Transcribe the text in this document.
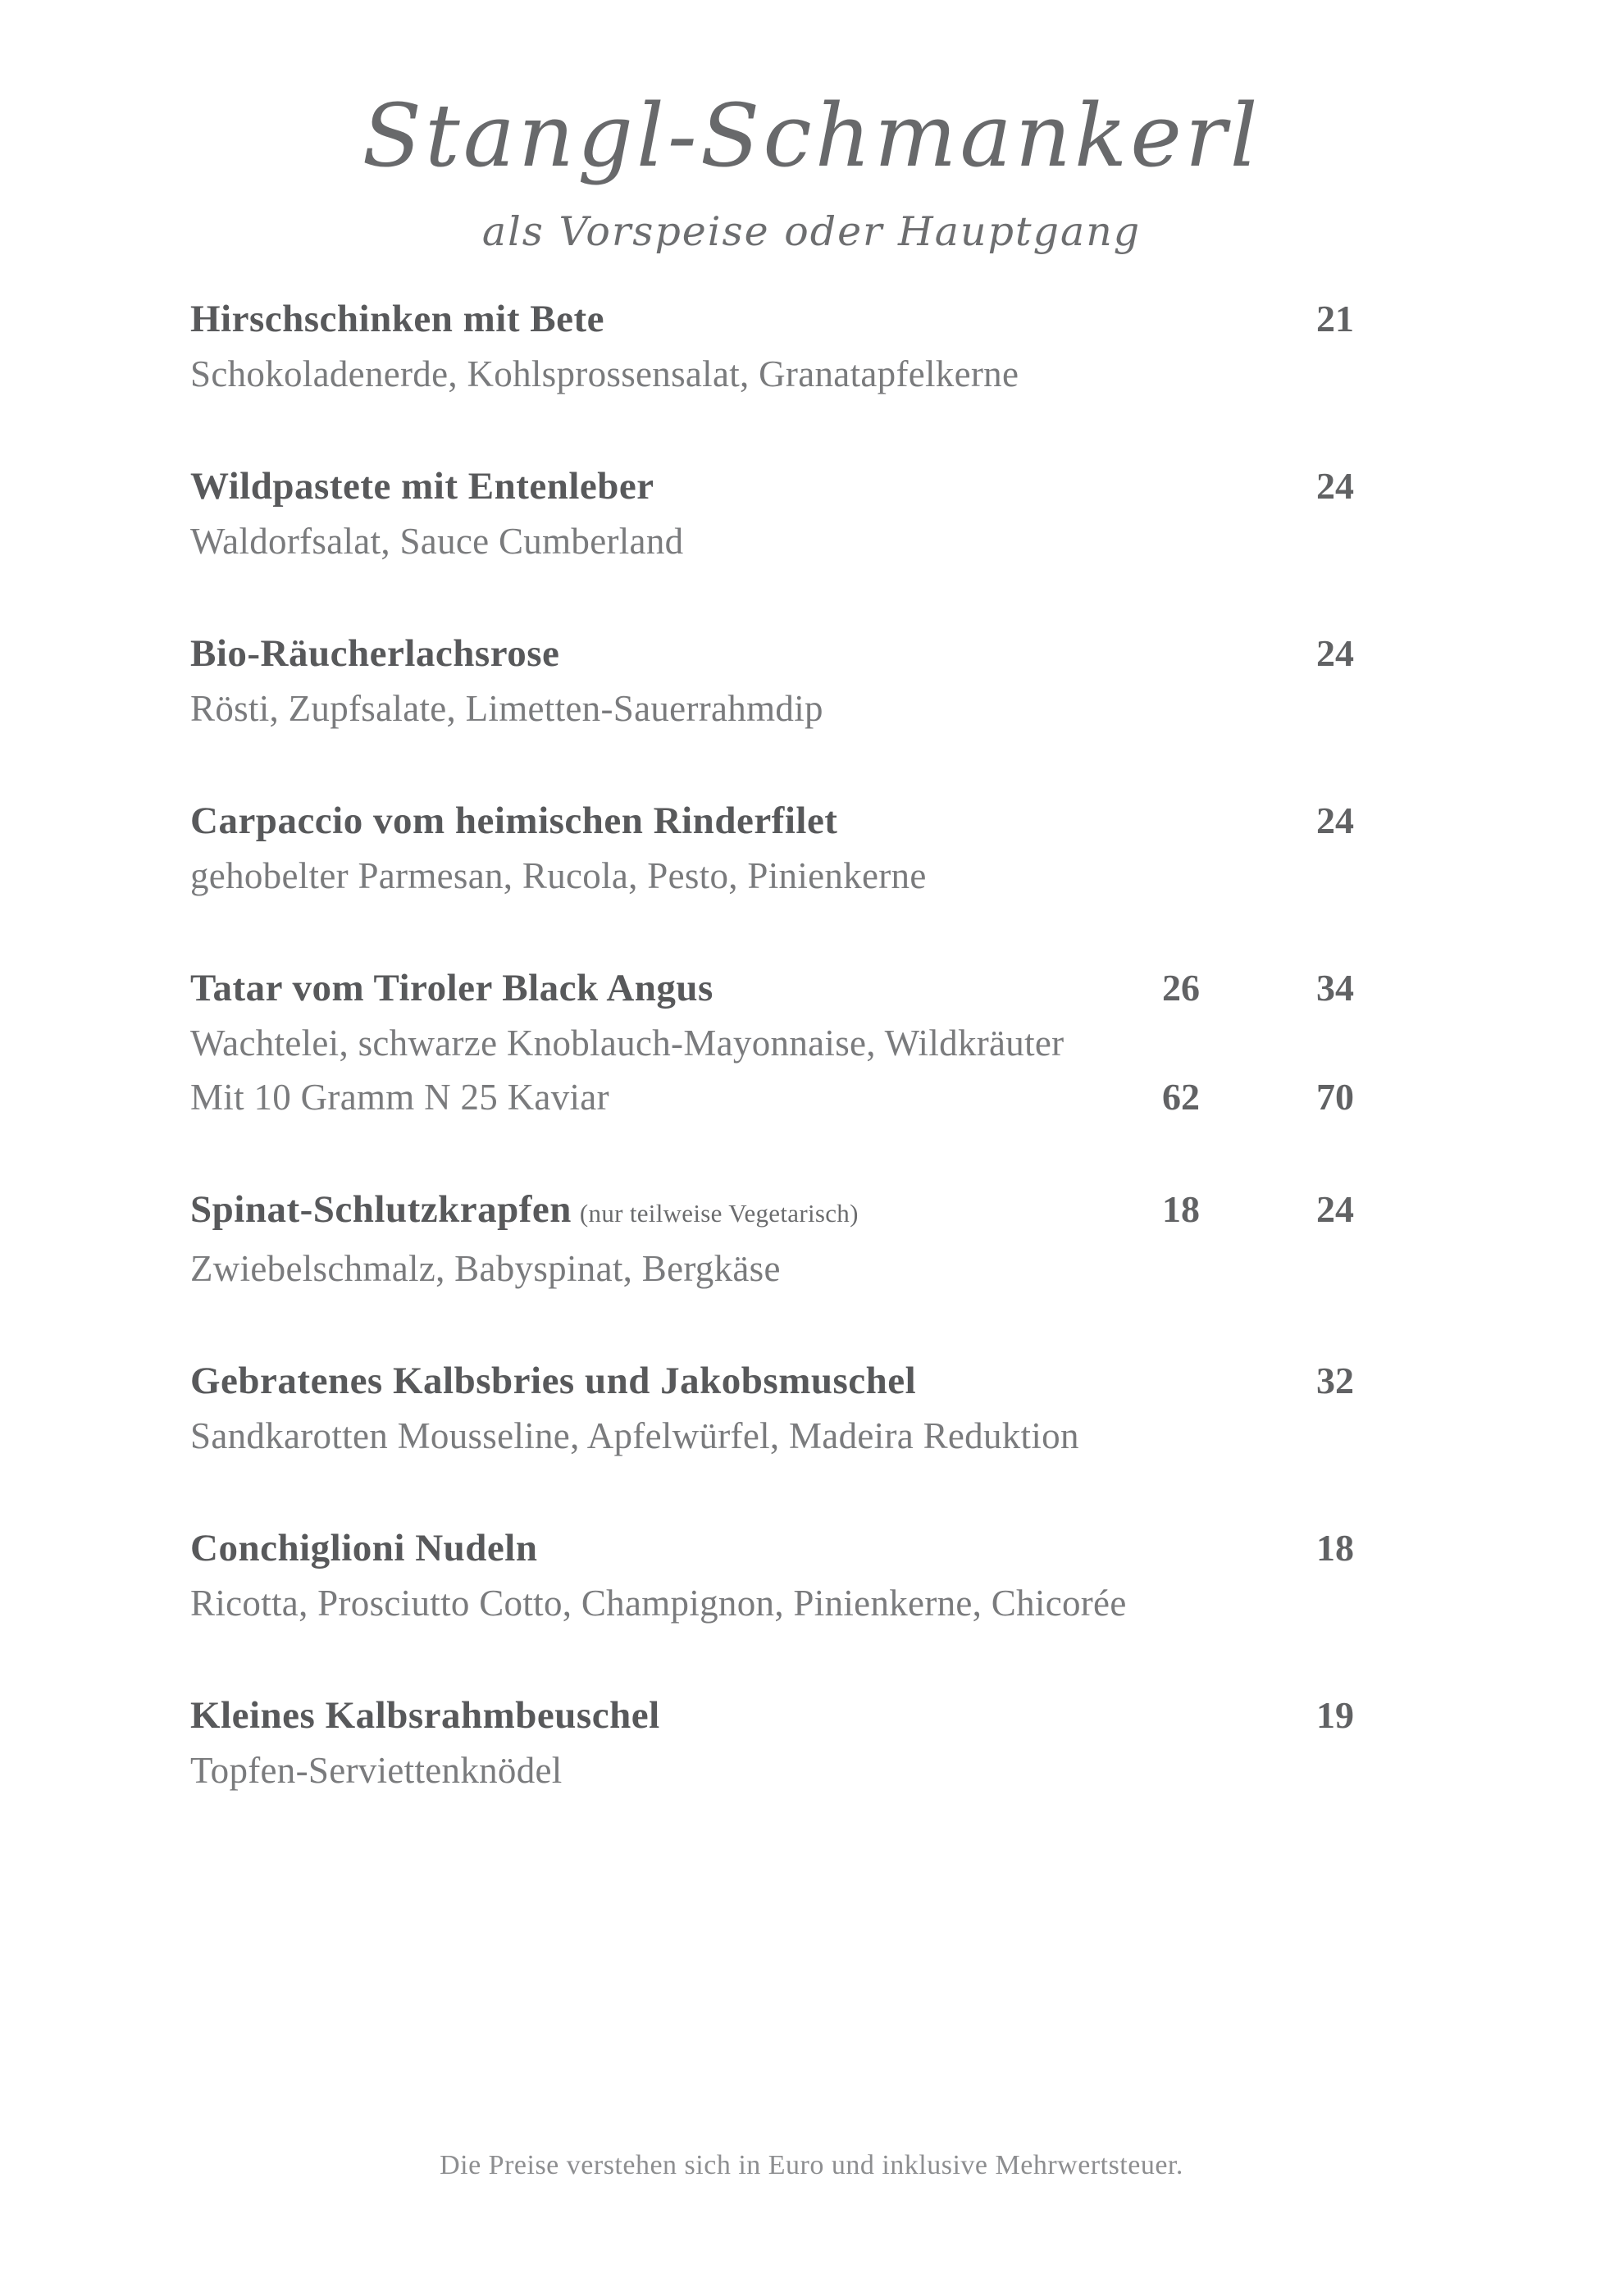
Stangl-Schmankerl
als Vorspeise oder Hauptgang
Hirschschinken mit Bete	21
Schokoladenerde, Kohlsprossensalat, Granatapfelkerne
Wildpastete mit Entenleber	24
Waldorfsalat, Sauce Cumberland
Bio-Räucherlachsrose	24
Rösti, Zupfsalate, Limetten-Sauerrahmdip
Carpaccio vom heimischen Rinderfilet	24
gehobelter Parmesan, Rucola, Pesto, Pinienkerne
Tatar vom Tiroler Black Angus	26	34
Wachtelei, schwarze Knoblauch-Mayonnaise, Wildkräuter
Mit 10 Gramm N 25 Kaviar	62	70
Spinat-Schlutzkrapfen (nur teilweise Vegetarisch)	18	24
Zwiebelschmalz, Babyspinat, Bergkäse
Gebratenes Kalbsbries und Jakobsmuschel	32
Sandkarotten Mousseline, Apfelwürfel, Madeira Reduktion
Conchiglioni Nudeln	18
Ricotta, Prosciutto Cotto, Champignon, Pinienkerne, Chicorée
Kleines Kalbsrahmbeuschel	19
Topfen-Serviettenknödel
Die Preise verstehen sich in Euro und inklusive Mehrwertsteuer.
